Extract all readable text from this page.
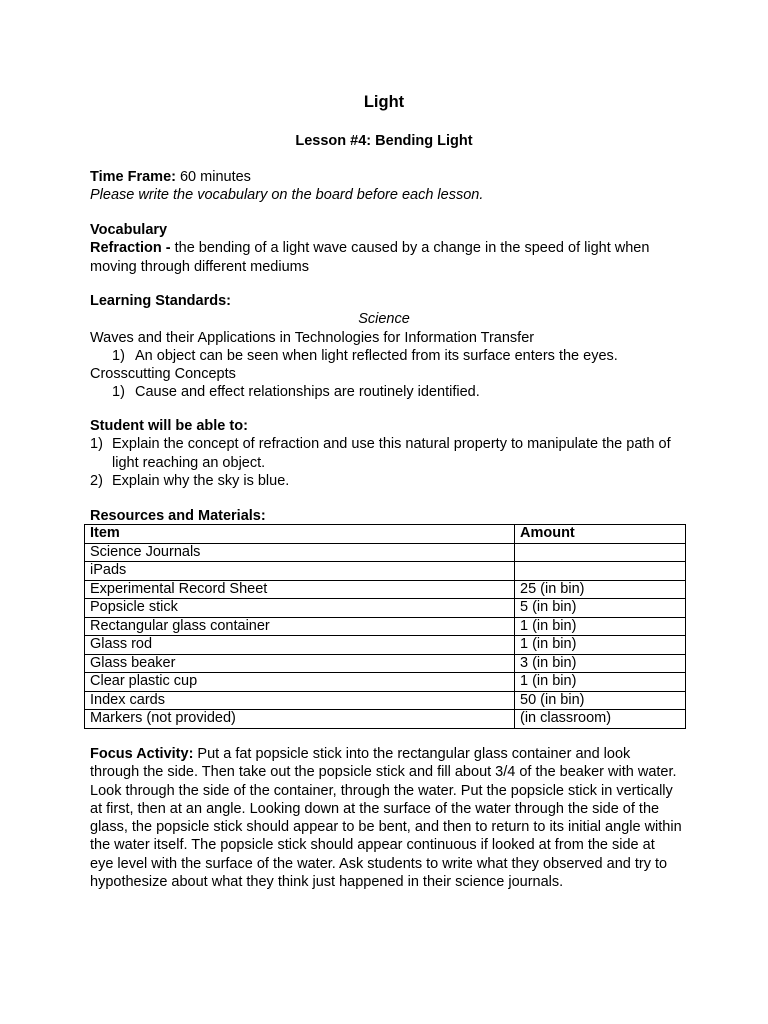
Light
Lesson #4: Bending Light
Time Frame: 60 minutes
Please write the vocabulary on the board before each lesson.
Vocabulary
Refraction - the bending of a light wave caused by a change in the speed of light when moving through different mediums
Learning Standards:
Science
Waves and their Applications in Technologies for Information Transfer
1) An object can be seen when light reflected from its surface enters the eyes.
Crosscutting Concepts
1) Cause and effect relationships are routinely identified.
Student will be able to:
1) Explain the concept of refraction and use this natural property to manipulate the path of light reaching an object.
2) Explain why the sky is blue.
Resources and Materials:
Item	Amount
Science Journals	
iPads	
Experimental Record Sheet	25 (in bin)
Popsicle stick	5 (in bin)
Rectangular glass container	1 (in bin)
Glass rod	1 (in bin)
Glass beaker	3 (in bin)
Clear plastic cup	1 (in bin)
Index cards	50 (in bin)
Markers (not provided)	(in classroom)
Focus Activity: Put a fat popsicle stick into the rectangular glass container and look through the side. Then take out the popsicle stick and fill about 3/4 of the beaker with water. Look through the side of the container, through the water. Put the popsicle stick in vertically at first, then at an angle. Looking down at the surface of the water through the side of the glass, the popsicle stick should appear to be bent, and then to return to its initial angle within the water itself. The popsicle stick should appear continuous if looked at from the side at eye level with the surface of the water. Ask students to write what they observed and try to hypothesize about what they think just happened in their science journals.
